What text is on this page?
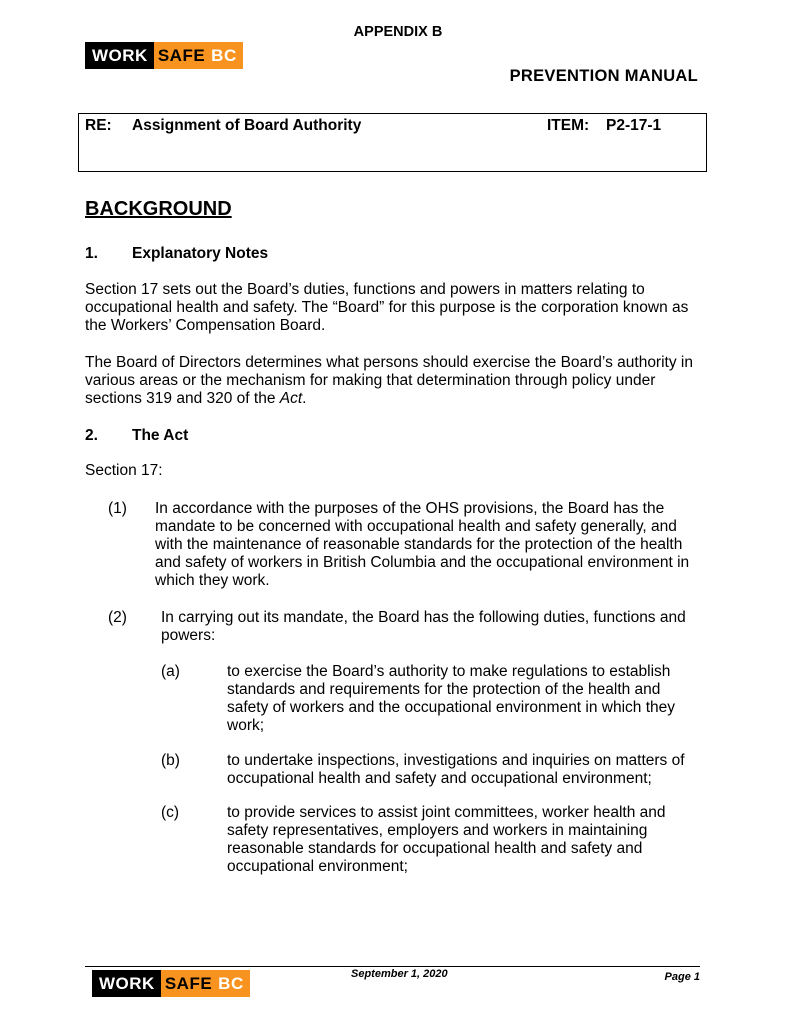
APPENDIX B
WORK SAFE BC
PREVENTION MANUAL
RE: Assignment of Board Authority	ITEM: P2-17-1
BACKGROUND
1. Explanatory Notes
Section 17 sets out the Board’s duties, functions and powers in matters relating to occupational health and safety. The “Board” for this purpose is the corporation known as the Workers’ Compensation Board.
The Board of Directors determines what persons should exercise the Board’s authority in various areas or the mechanism for making that determination through policy under sections 319 and 320 of the Act.
2. The Act
Section 17:
(1) In accordance with the purposes of the OHS provisions, the Board has the mandate to be concerned with occupational health and safety generally, and with the maintenance of reasonable standards for the protection of the health and safety of workers in British Columbia and the occupational environment in which they work.
(2) In carrying out its mandate, the Board has the following duties, functions and powers:
(a)	to exercise the Board’s authority to make regulations to establish standards and requirements for the protection of the health and safety of workers and the occupational environment in which they work;
(b)	to undertake inspections, investigations and inquiries on matters of occupational health and safety and occupational environment;
(c)	to provide services to assist joint committees, worker health and safety representatives, employers and workers in maintaining reasonable standards for occupational health and safety and occupational environment;
September 1, 2020	Page 1
WORK SAFE BC
